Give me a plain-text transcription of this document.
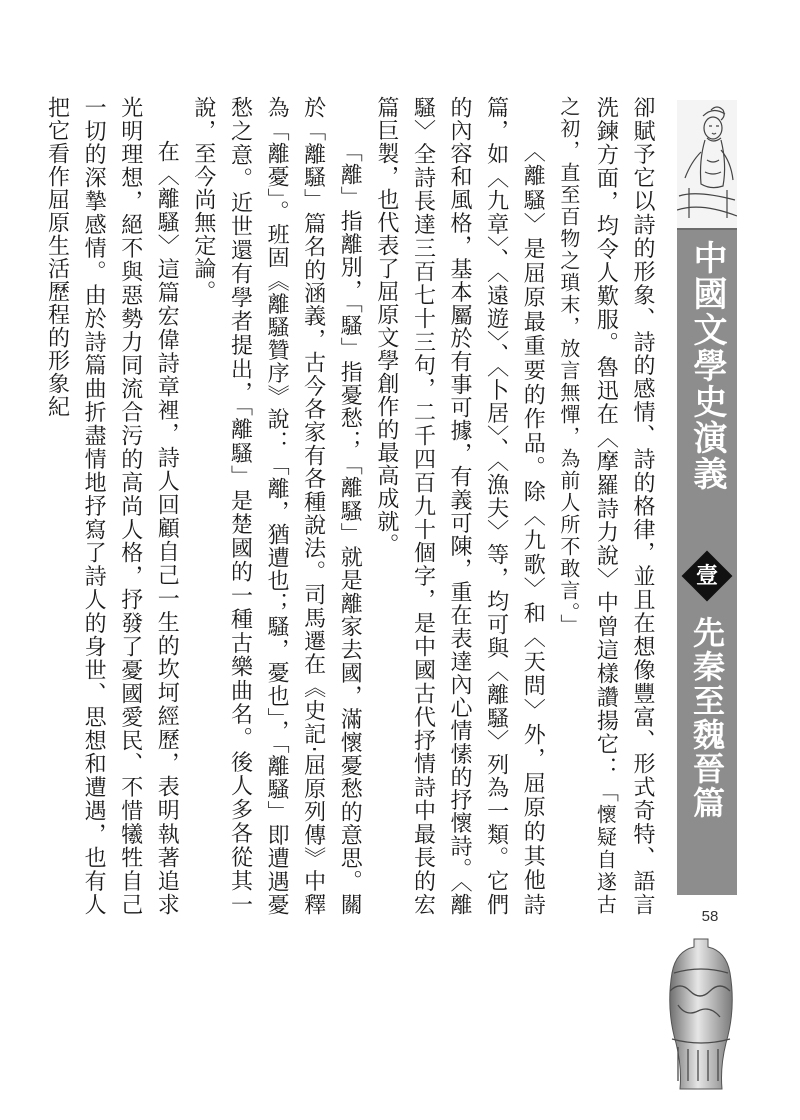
卻賦予它以詩的形象、詩的感情、詩的格律，並且在想像豐富、形式奇特、語言洗鍊方面，均令人歎服。魯迅在〈摩羅詩力說〉中曾這樣讚揚它：「懷疑自遂古之初，直至百物之瑣末，放言無憚，為前人所不敢言。」

〈離騷〉是屈原最重要的作品。除〈九歌〉和〈天問〉外，屈原的其他詩篇，如〈九章〉、〈遠遊〉、〈卜居〉、〈漁夫〉等，均可與〈離騷〉列為一類。它們的內容和風格，基本屬於有事可據，有義可陳，重在表達內心情愫的抒懷詩。〈離騷〉全詩長達三百七十三句，二千四百九十個字，是中國古代抒情詩中最長的宏篇巨製，也代表了屈原文學創作的最高成就。

「離」指離別，「騷」指憂愁；「離騷」就是離家去國，滿懷憂愁的意思。關於「離騷」篇名的涵義，古今各家有各種說法。司馬遷在《史記‧屈原列傳》中釋為「離憂」。班固《離騷贊序》說：「離，猶遭也；騷，憂也」，「離騷」即遭遇憂愁之意。近世還有學者提出，「離騷」是楚國的一種古樂曲名。後人多各從其一說，至今尚無定論。

在〈離騷〉這篇宏偉詩章裡，詩人回顧自己一生的坎坷經歷，表明執著追求光明理想，絕不與惡勢力同流合污的高尚人格，抒發了憂國愛民、不惜犧牲自己一切的深摯感情。由於詩篇曲折盡情地抒寫了詩人的身世、思想和遭遇，也有人把它看作屈原生活歷程的形象紀	中國文學史演義
壹
先秦至魏晉篇
58
